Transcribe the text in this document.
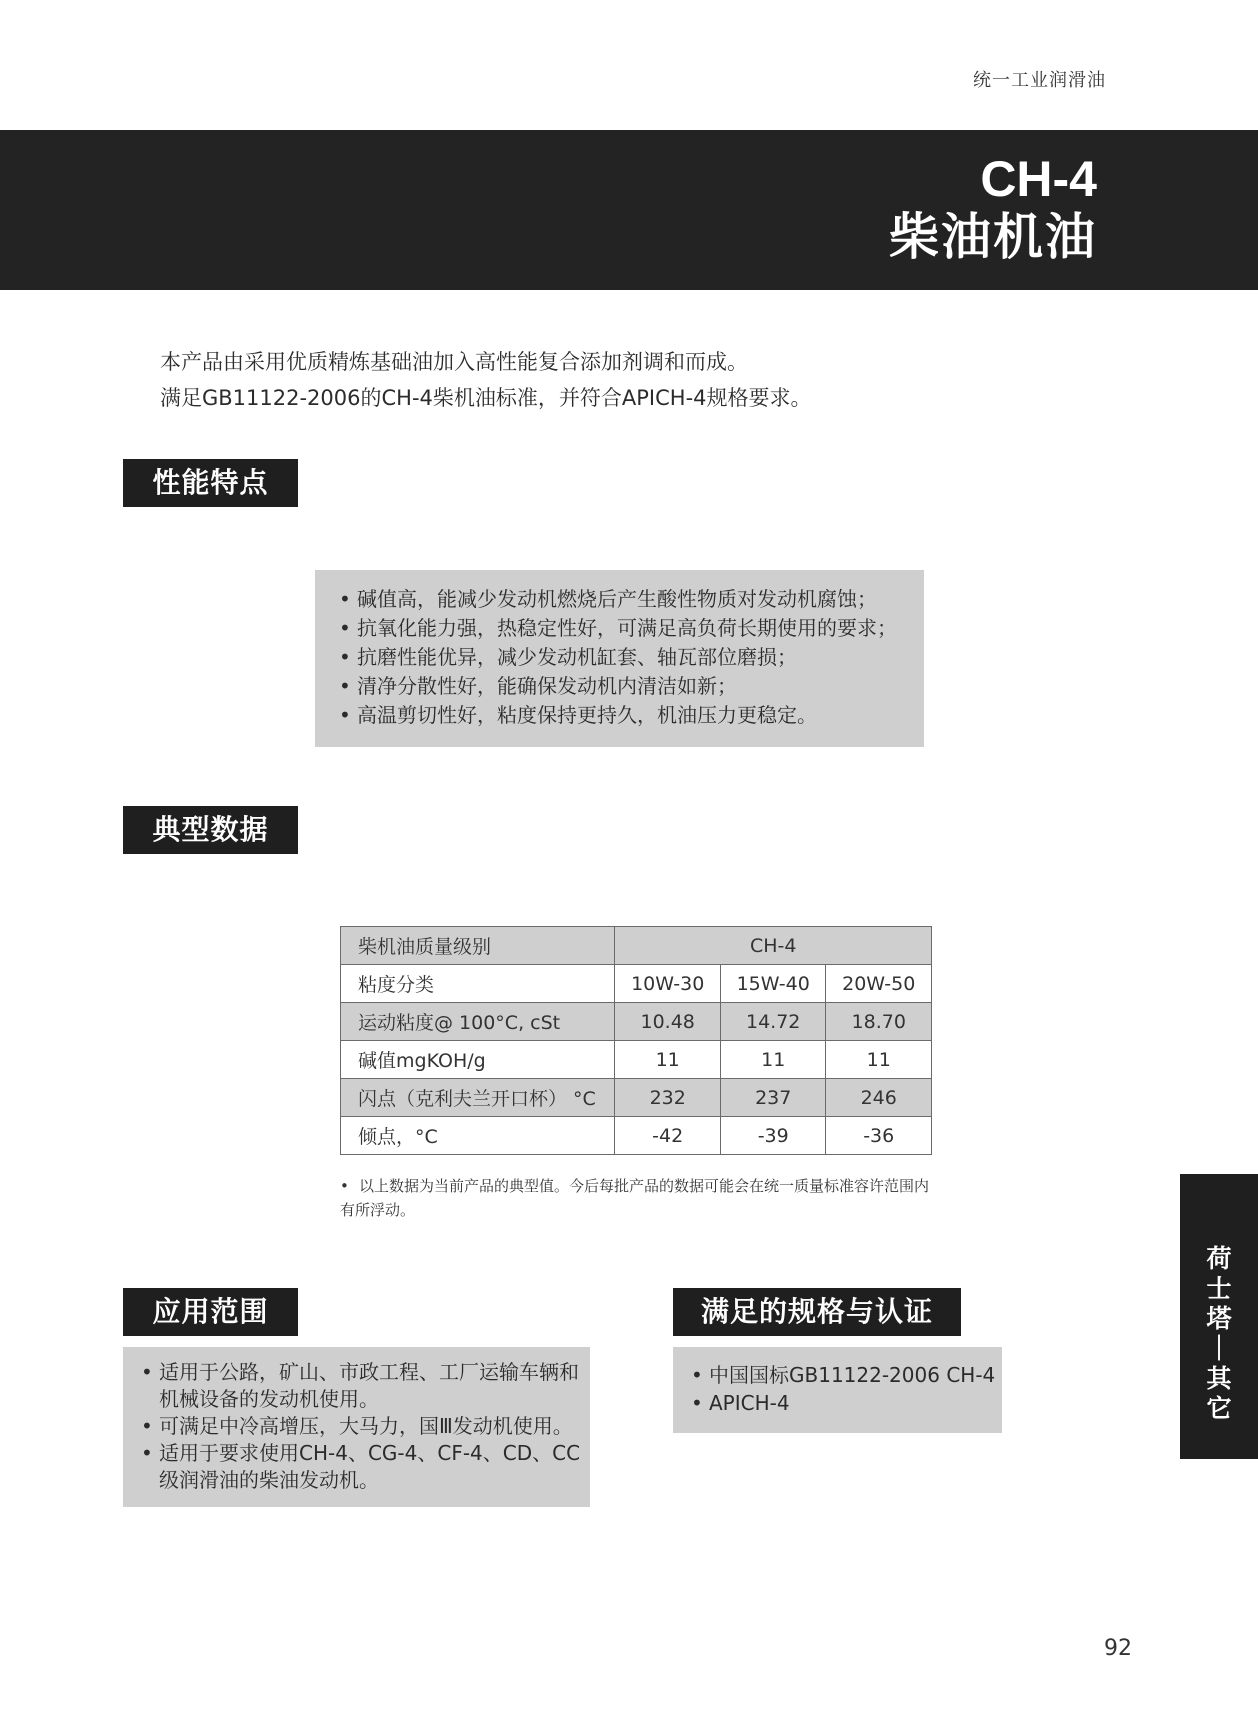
统一工业润滑油
CH-4
柴油机油
本产品由采用优质精炼基础油加入高性能复合添加剂调和而成。
满足GB11122-2006的CH-4柴机油标准，并符合APICH-4规格要求。
性能特点
• 碱值高，能减少发动机燃烧后产生酸性物质对发动机腐蚀；
• 抗氧化能力强，热稳定性好，可满足高负荷长期使用的要求；
• 抗磨性能优异，减少发动机缸套、轴瓦部位磨损；
• 清净分散性好，能确保发动机内清洁如新；
• 高温剪切性好，粘度保持更持久，机油压力更稳定。
典型数据
柴机油质量级别	CH-4		
粘度分类	10W-30	15W-40	20W-50
运动粘度@ 100°C, cSt	10.48	14.72	18.70
碱值mgKOH/g	11	11	11
闪点（克利夫兰开口杯） °C	232	237	246
倾点，°C	-42	-39	-36
• 以上数据为当前产品的典型值。今后每批产品的数据可能会在统一质量标准容许范围内有所浮动。
应用范围
• 适用于公路，矿山、市政工程、工厂运输车辆和机械设备的发动机使用。
• 可满足中冷高增压，大马力，国Ⅲ发动机使用。
• 适用于要求使用CH-4、CG-4、CF-4、CD、CC级润滑油的柴油发动机。
满足的规格与认证
• 中国国标GB11122-2006 CH-4
• APICH-4
荷
士
塔
｜
其
它
92
